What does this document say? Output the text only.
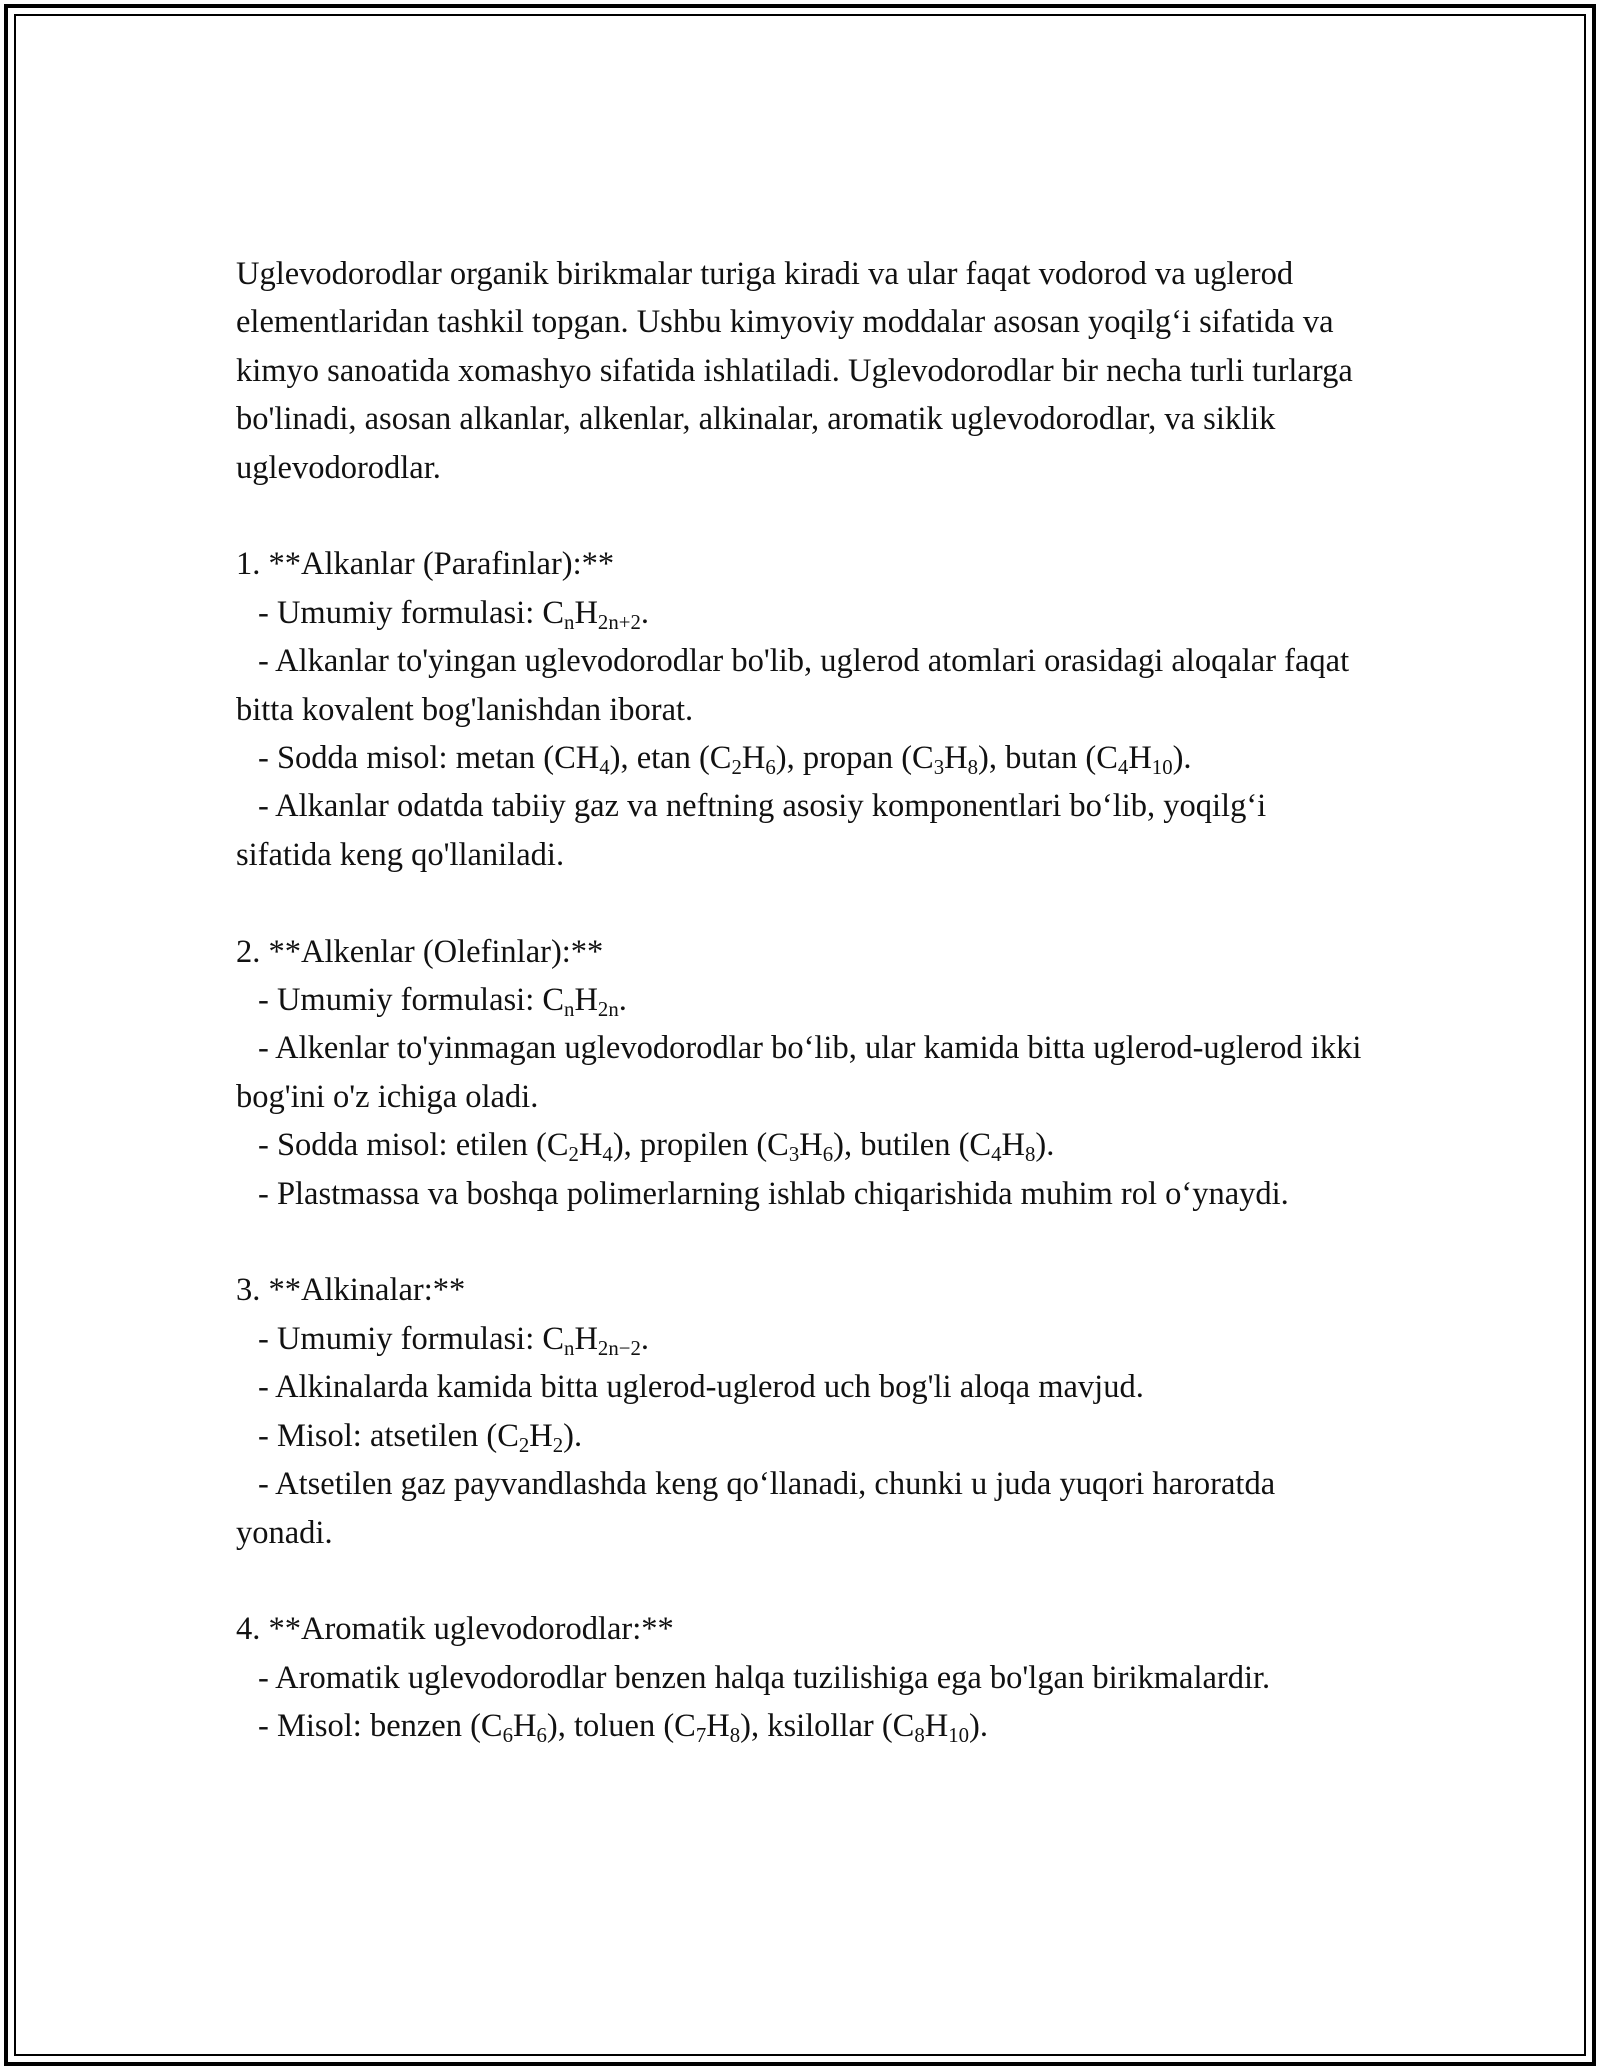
Uglevodorodlar organik birikmalar turiga kiradi va ular faqat vodorod va uglerod elementlaridan tashkil topgan. Ushbu kimyoviy moddalar asosan yoqilg‘i sifatida va kimyo sanoatida xomashyo sifatida ishlatiladi. Uglevodorodlar bir necha turli turlarga bo'linadi, asosan alkanlar, alkenlar, alkinalar, aromatik uglevodorodlar, va siklik uglevodorodlar.

1. **Alkanlar (Parafinlar):**

- Umumiy formulasi: $C_nH_{2n+2}$.

- Alkanlar to'yingan uglevodorodlar bo'lib, uglerod atomlari orasidagi aloqalar faqat bitta kovalent bog'lanishdan iborat.

- Sodda misol: metan $(CH_4)$, etan $(C_2H_6)$, propan $(C_3H_8)$, butan $(C_4H_{10})$.

- Alkanlar odatda tabiiy gaz va neftning asosiy komponentlari bo‘lib, yoqilg‘i sifatida keng qo'llaniladi.

2. **Alkenlar (Olefinlar):**

- Umumiy formulasi: $C_nH_{2n}$.

- Alkenlar to'yinmagan uglevodorodlar bo‘lib, ular kamida bitta uglerod-uglerod ikki bog'ini o'z ichiga oladi.

- Sodda misol: etilen $(C_2H_4)$, propilen $(C_3H_6)$, butilen $(C_4H_8)$.

- Plastmassa va boshqa polimerlarning ishlab chiqarishida muhim rol o‘ynaydi.

3. **Alkinalar:**

- Umumiy formulasi: $C_nH_{2n-2}$.

- Alkinalarda kamida bitta uglerod-uglerod uch bog'li aloqa mavjud.

- Misol: atsetilen $(C_2H_2)$.

- Atsetilen gaz payvandlashda keng qo‘llanadi, chunki u juda yuqori haroratda yonadi.

4. **Aromatik uglevodorodlar:**

- Aromatik uglevodorodlar benzen halqa tuzilishiga ega bo'lgan birikmalardir.

- Misol: benzen $(C_6H_6)$, toluen $(C_7H_8)$, ksilollar $(C_8H_{10})$.
